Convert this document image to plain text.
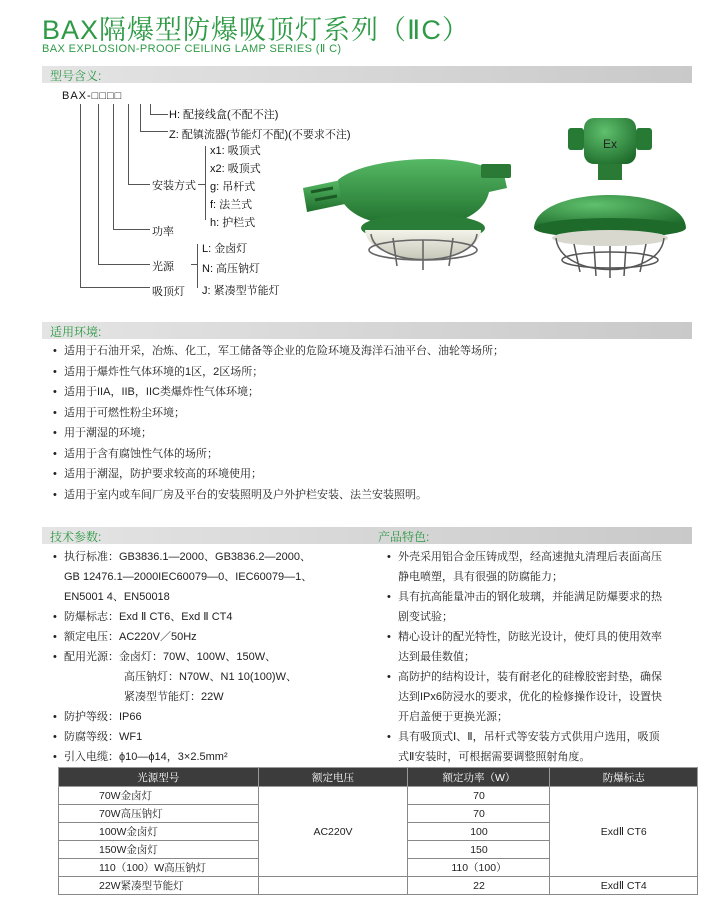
BAX隔爆型防爆吸顶灯系列（ⅡC）
BAX EXPLOSION-PROOF CEILING LAMP SERIES (Ⅱ C)
型号含义:
BAX-□□□□
H: 配接线盒(不配不注)
Z: 配镇流器(节能灯不配)(不要求不注)
x1: 吸顶式
x2: 吸顶式
安装方式 g: 吊杆式
f: 法兰式
h: 护栏式
功率
L: 金卤灯
光源	N: 高压钠灯
吸顶灯 J: 紧凑型节能灯
Ex
适用环境:
• 适用于石油开采，冶炼、化工，军工储备等企业的危险环境及海洋石油平台、油轮等场所；
• 适用于爆炸性气体环境的1区，2区场所；
• 适用于IIA，IIB，IIC类爆炸性气体环境；
• 适用于可燃性粉尘环境；
• 用于潮湿的环境；
• 适用于含有腐蚀性气体的场所；
• 适用于潮湿，防护要求较高的环境使用；
• 适用于室内或车间厂房及平台的安装照明及户外护栏安装、法兰安装照明。
技术参数:	产品特色:
• 执行标准：GB3836.1—2000、GB3836.2—2000、
GB 12476.1—2000IEC60079—0、IEC60079—1、
EN5001 4、EN50018
• 防爆标志：Exd Ⅱ CT6、Exd Ⅱ CT4
• 额定电压：AC220V／50Hz
• 配用光源：金卤灯：70W、100W、150W、
高压钠灯：N70W、N1 10(100)W、
紧凑型节能灯：22W
• 防护等级：IP66
• 防腐等级：WF1
• 引入电缆：ϕ10—ϕ14，3×2.5mm²
• 外壳采用铝合金压铸成型，经高速抛丸清理后表面高压
静电喷塑，具有很强的防腐能力；
• 具有抗高能量冲击的钢化玻璃，并能满足防爆要求的热
剧变试验；
• 精心设计的配光特性，防眩光设计，使灯具的使用效率
达到最佳数值；
• 高防护的结构设计，装有耐老化的硅橡胶密封垫，确保
达到IPx6防浸水的要求，优化的检修操作设计，设置快
开启盖便于更换光源；
• 具有吸顶式Ⅰ、Ⅱ，吊杆式等安装方式供用户选用，吸顶
式Ⅱ安装时，可根据需要调整照射角度。
光源型号	额定电压	额定功率（W）	防爆标志
70W金卤灯	AC220V	70	ExdⅡ CT6
70W高压钠灯		70	
100W金卤灯		100	
150W金卤灯		150	
110（100）W高压钠灯		110（100）	
22W紧凑型节能灯		22	ExdⅡ CT4
